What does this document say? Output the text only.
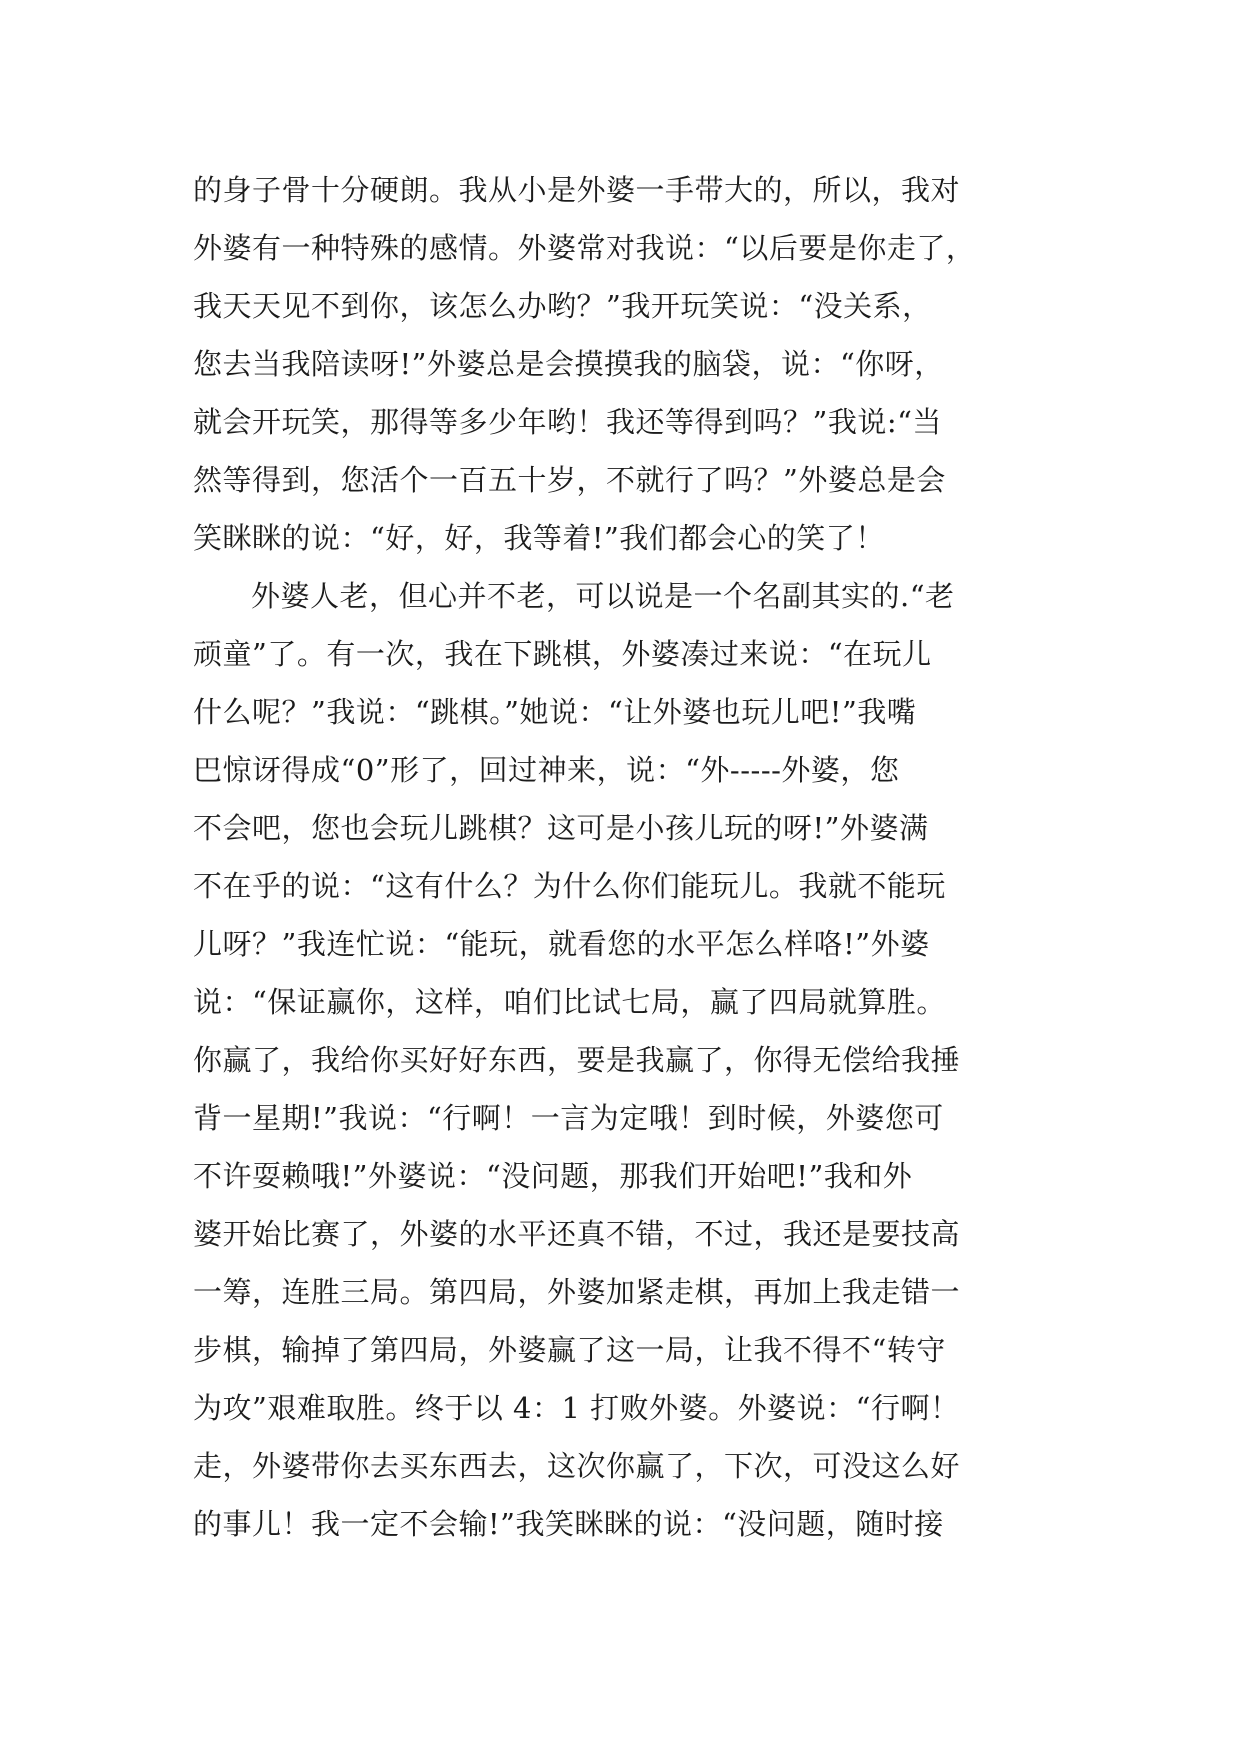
的身子骨十分硬朗。我从小是外婆一手带大的，所以，我对
外婆有一种特殊的感情。外婆常对我说：“以后要是你走了，
我天天见不到你，该怎么办哟？”我开玩笑说：“没关系，
您去当我陪读呀!”外婆总是会摸摸我的脑袋，说：“你呀，
就会开玩笑，那得等多少年哟！我还等得到吗？”我说:“当
然等得到，您活个一百五十岁，不就行了吗？”外婆总是会
笑眯眯的说：“好，好，我等着!”我们都会心的笑了！
外婆人老，但心并不老，可以说是一个名副其实的.“老
顽童”了。有一次，我在下跳棋，外婆凑过来说：“在玩儿
什么呢？”我说：“跳棋。”她说：“让外婆也玩儿吧!”我嘴
巴惊讶得成“0”形了，回过神来，说：“外-----外婆，您
不会吧，您也会玩儿跳棋？这可是小孩儿玩的呀!”外婆满
不在乎的说：“这有什么？为什么你们能玩儿。我就不能玩
儿呀？”我连忙说：“能玩，就看您的水平怎么样咯!”外婆
说：“保证赢你，这样，咱们比试七局，赢了四局就算胜。
你赢了，我给你买好好东西，要是我赢了，你得无偿给我捶
背一星期!”我说：“行啊！一言为定哦！到时候，外婆您可
不许耍赖哦!”外婆说：“没问题，那我们开始吧!”我和外
婆开始比赛了，外婆的水平还真不错，不过，我还是要技高
一筹，连胜三局。第四局，外婆加紧走棋，再加上我走错一
步棋，输掉了第四局，外婆赢了这一局，让我不得不“转守
为攻”艰难取胜。终于以 4：1 打败外婆。外婆说：“行啊！
走，外婆带你去买东西去，这次你赢了，下次，可没这么好
的事儿！我一定不会输!”我笑眯眯的说：“没问题，随时接
